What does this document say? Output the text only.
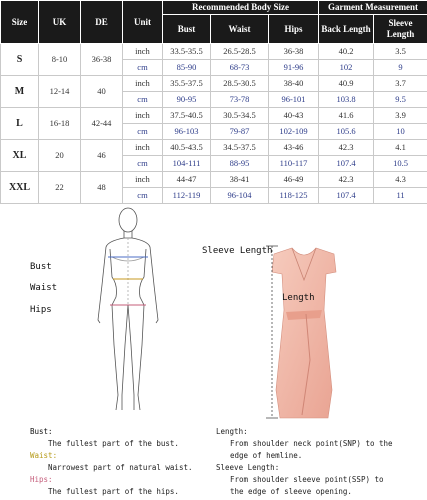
Size	UK	DE	Unit	Recommended Body Size			Garment Measurement	
				Bust	Waist	Hips	Back Length	Sleeve Length
S	8-10	36-38	inch	33.5-35.5	26.5-28.5	36-38	40.2	3.5
			cm	85-90	68-73	91-96	102	9
M	12-14	40	inch	35.5-37.5	28.5-30.5	38-40	40.9	3.7
			cm	90-95	73-78	96-101	103.8	9.5
L	16-18	42-44	inch	37.5-40.5	30.5-34.5	40-43	41.6	3.9
			cm	96-103	79-87	102-109	105.6	10
XL	20	46	inch	40.5-43.5	34.5-37.5	43-46	42.3	4.1
			cm	104-111	88-95	110-117	107.4	10.5
XXL	22	48	inch	44-47	38-41	46-49	42.3	4.3
			cm	112-119	96-104	118-125	107.4	11
Bust
Waist
Hips
Sleeve Length
Length
Bust:
The fullest part of the bust.
Waist:
Narrowest part of natural waist.
Hips:
The fullest part of the hips.
Length:
From shoulder neck point(SNP) to the
edge of hemline.
Sleeve Length:
From shoulder sleeve point(SSP) to
the edge of sleeve opening.
